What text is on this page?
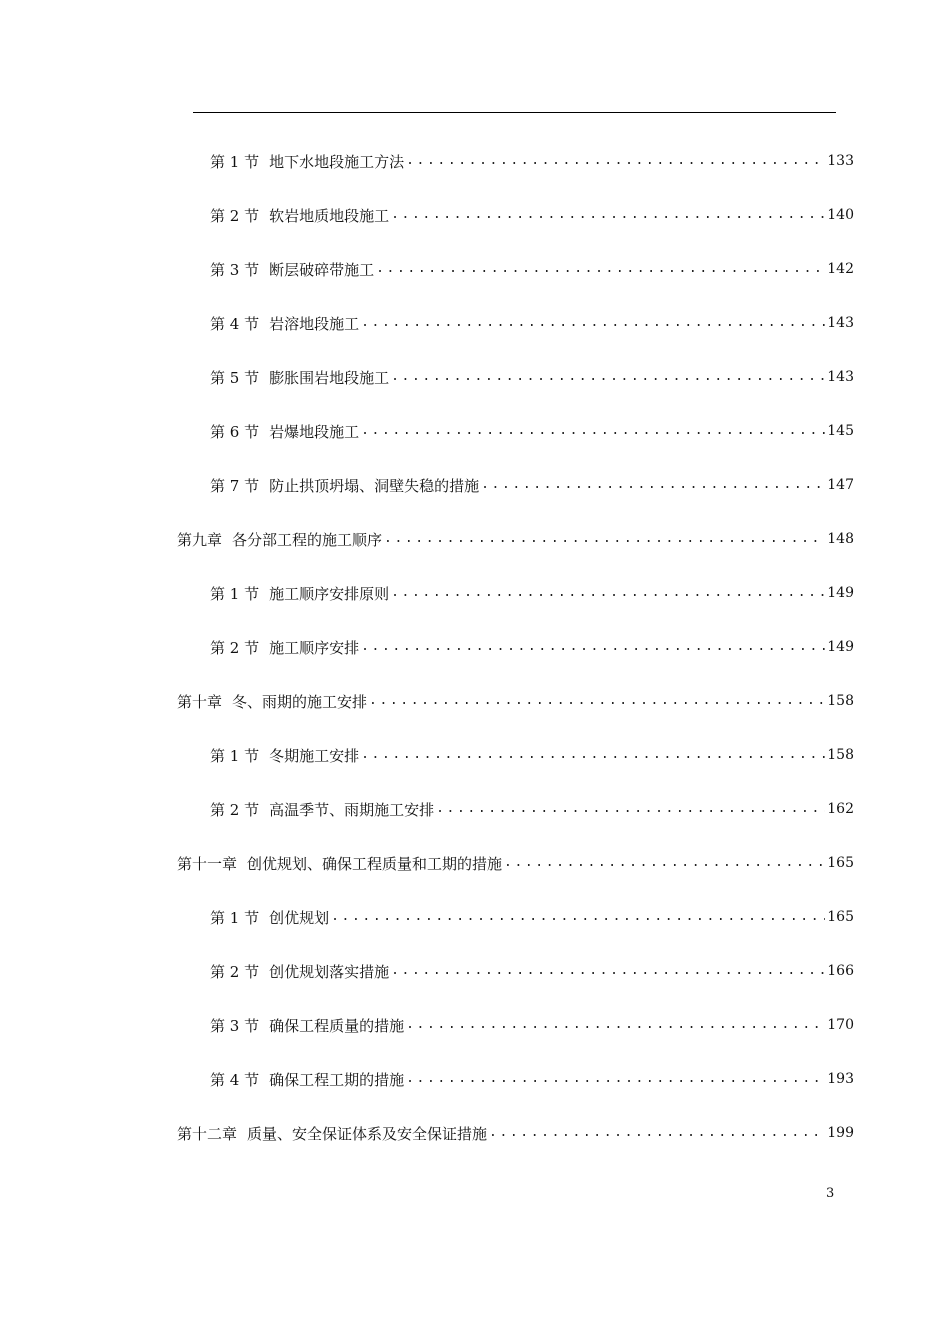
第 1 节 地下水地段施工方法 .....	133
第 2 节 软岩地质地段施工 .....	140
第 3 节 断层破碎带施工 .....	142
第 4 节 岩溶地段施工 .....	143
第 5 节 膨胀围岩地段施工 .....	143
第 6 节 岩爆地段施工 .....	145
第 7 节 防止拱顶坍塌、洞壁失稳的措施 .....	147
第九章 各分部工程的施工顺序 .....	148
第 1 节 施工顺序安排原则 .....	149
第 2 节 施工顺序安排 .....	149
第十章 冬、雨期的施工安排 .....	158
第 1 节 冬期施工安排 .....	158
第 2 节 高温季节、雨期施工安排 .....	162
第十一章 创优规划、确保工程质量和工期的措施 .....	165
第 1 节 创优规划 .....	165
第 2 节 创优规划落实措施 .....	166
第 3 节 确保工程质量的措施 .....	170
第 4 节 确保工程工期的措施 .....	193
第十二章 质量、安全保证体系及安全保证措施 .....	199
3
